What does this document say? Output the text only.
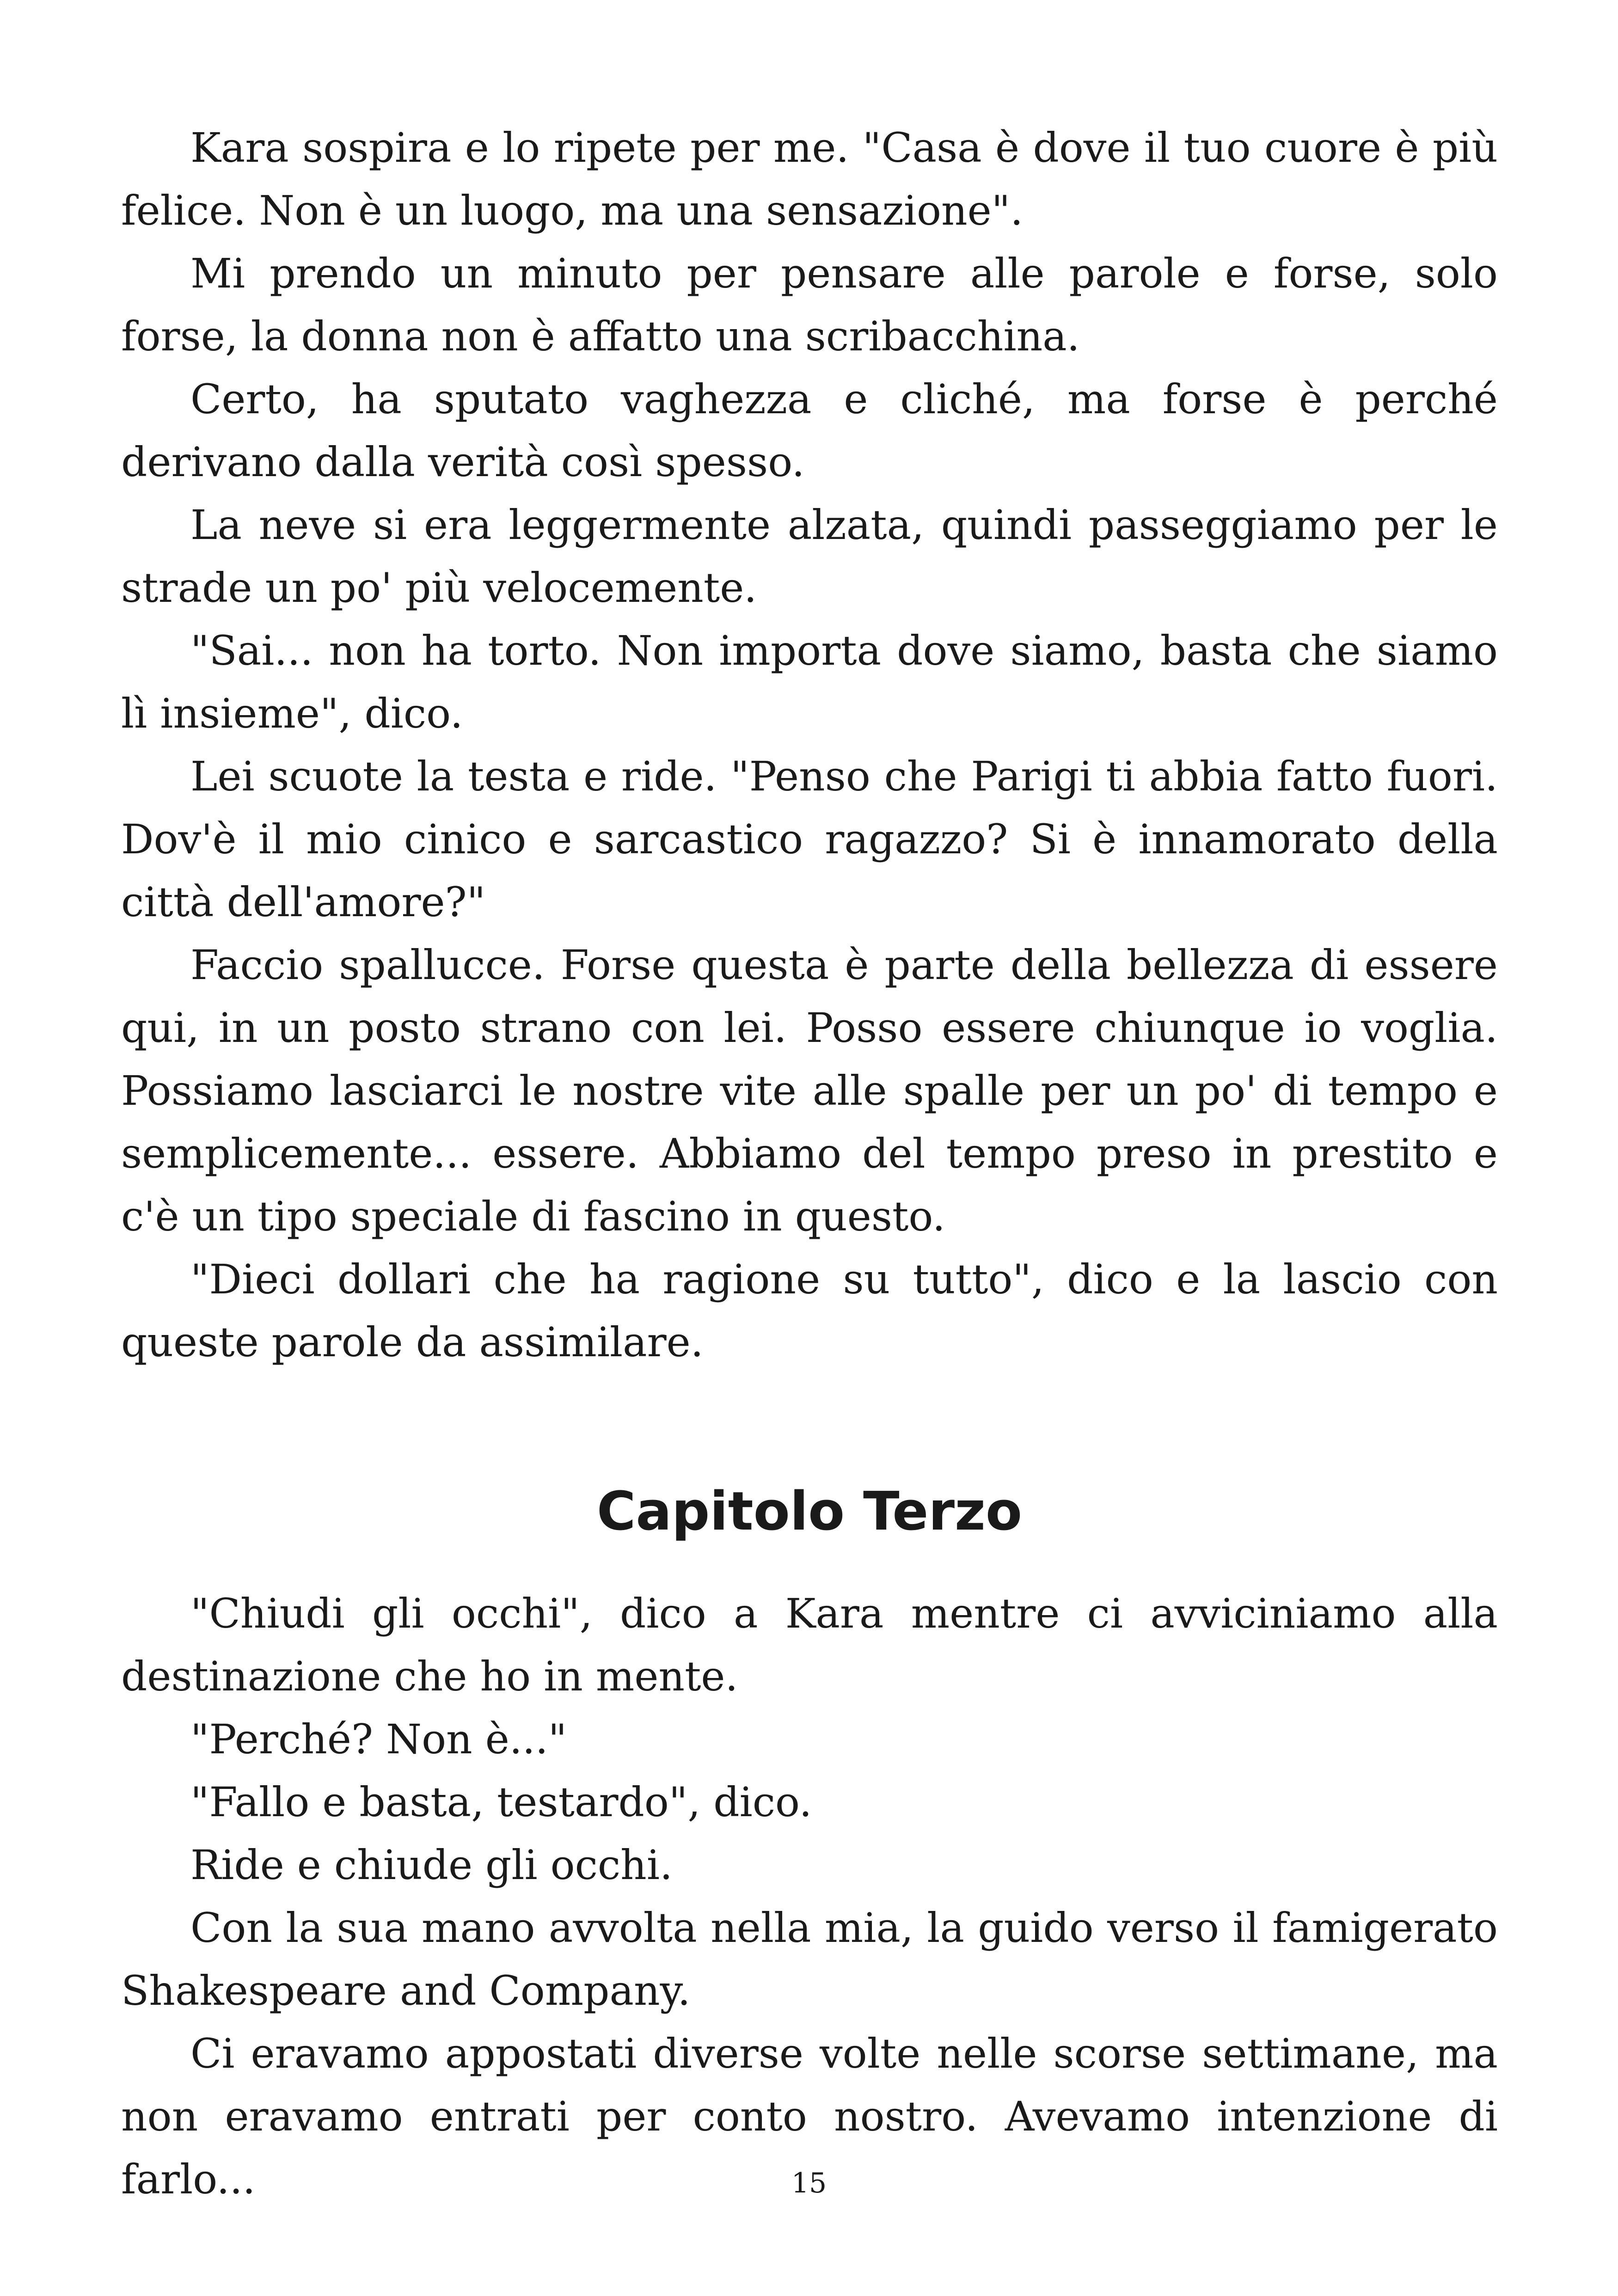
Kara sospira e lo ripete per me. "Casa è dove il tuo cuore è più felice. Non è un luogo, ma una sensazione".

Mi prendo un minuto per pensare alle parole e forse, solo forse, la donna non è affatto una scribacchina.

Certo, ha sputato vaghezza e cliché, ma forse è perché derivano dalla verità così spesso.

La neve si era leggermente alzata, quindi passeggiamo per le strade un po' più velocemente.

"Sai... non ha torto. Non importa dove siamo, basta che siamo lì insieme", dico.

Lei scuote la testa e ride. "Penso che Parigi ti abbia fatto fuori. Dov'è il mio cinico e sarcastico ragazzo? Si è innamorato della città dell'amore?"

Faccio spallucce. Forse questa è parte della bellezza di essere qui, in un posto strano con lei. Posso essere chiunque io voglia. Possiamo lasciarci le nostre vite alle spalle per un po' di tempo e semplicemente... essere. Abbiamo del tempo preso in prestito e c'è un tipo speciale di fascino in questo.

"Dieci dollari che ha ragione su tutto", dico e la lascio con queste parole da assimilare.

Capitolo Terzo

"Chiudi gli occhi", dico a Kara mentre ci avviciniamo alla destinazione che ho in mente.

"Perché? Non è..."

"Fallo e basta, testardo", dico.

Ride e chiude gli occhi.

Con la sua mano avvolta nella mia, la guido verso il famigerato Shakespeare and Company.

Ci eravamo appostati diverse volte nelle scorse settimane, ma non eravamo entrati per conto nostro. Avevamo intenzione di farlo...	15
